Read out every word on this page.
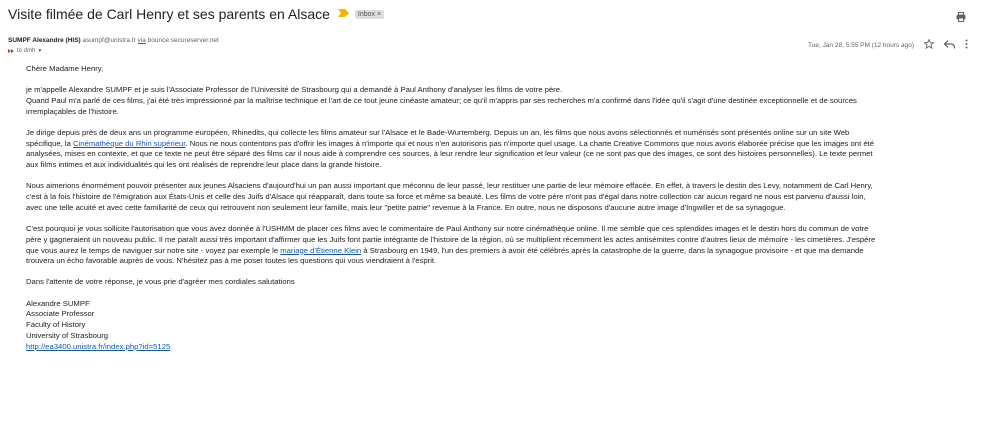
Visite filmée de Carl Henry et ses parents en Alsace	Inbox ×
SUMPF Alexandre (HIS) asumpf@unistra.fr via bounce.secureserver.net
to dmh ▼
Tue, Jan 28, 5:55 PM (12 hours ago)

Chère Madame Henry,

je m'appelle Alexandre SUMPF et je suis l'Associate Professor de l'Université de Strasbourg qui a demandé à Paul Anthony d'analyser les films de votre père.
Quand Paul m'a parlé de ces films, j'ai été très impressionné par la maîtrise technique et l'art de ce tout jeune cinéaste amateur; ce qu'il m'appris par ses recherches m'a confirmé dans l'idée qu'il s'agit d'une destinée exceptionnelle et de sources
irremplaçables de l'histoire.

Je dirige depuis près de deux ans un programme européen, Rhinedits, qui collecte les films amateur sur l'Alsace et le Bade-Wurtemberg. Depuis un an, les films que nous avons sélectionnés et numérisés sont présentés online sur un site Web
spécifique, la Cinémathèque du Rhin supérieur. Nous ne nous contentons pas d'offrir les images à n'importe qui et nous n'en autorisons pas n'importe quel usage. La charte Creative Commons que nous avons élaborée précise que les images ont été
analysées, mises en contexte, et que ce texte ne peut être séparé des films car il nous aide à comprendre ces sources, à leur rendre leur signification et leur valeur (ce ne sont pas que des images, ce sont des histoires personnelles). Le texte permet
aux films intimes et aux individualités qui les ont réalisés de reprendre leur place dans la grande histoire.

Nous aimerions énormément pouvoir présenter aux jeunes Alsaciens d'aujourd'hui un pan aussi important que méconnu de leur passé, leur restituer une partie de leur mémoire effacée. En effet, à travers le destin des Levy, notamment de Carl Henry,
c'est à la fois l'histoire de l'émigration aux États-Unis et celle des Juifs d'Alsace qui réapparaît, dans toute sa force et même sa beauté. Les films de votre père n'ont pas d'égal dans notre collection car aucun regard ne nous est parvenu d'aussi loin,
avec une telle acuité et avec cette familiarité de ceux qui retrouvent non seulement leur famille, mais leur "petite patrie" revenue à la France. En outre, nous ne disposons d'aucune autre image d'Ingwiller et de sa synagogue.

C'est pourquoi je vous sollicite l'autorisation que vous avez donnée à l'USHMM de placer ces films avec le commentaire de Paul Anthony sur notre cinémathèque online. Il me semble que ces splendides images et le destin hors du commun de votre
père y gagneraient un nouveau public. Il me paraît aussi très important d'affirmer que les Juifs font partie intégrante de l'histoire de la région, où se multiplient récemment les actes antisémites contre d'autres lieux de mémoire - les cimetières. J'espère
que vous aurez le temps de naviguer sur notre site - voyez par exemple le mariage d'Étienne Klein à Strasbourg en 1949, l'un des premiers à avoir été célébrés après la catastrophe de la guerre, dans la synagogue provisoire - et que ma demande
trouvera un écho favorable auprès de vous. N'hésitez pas à me poser toutes les questions qui vous viendraient à l'esprit.

Dans l'attente de votre réponse, je vous prie d'agréer mes cordiales salutations

Alexandre SUMPF
Associate Professor
Faculty of History
University of Strasbourg
http://ea3400.unistra.fr/index.php?id=5125
